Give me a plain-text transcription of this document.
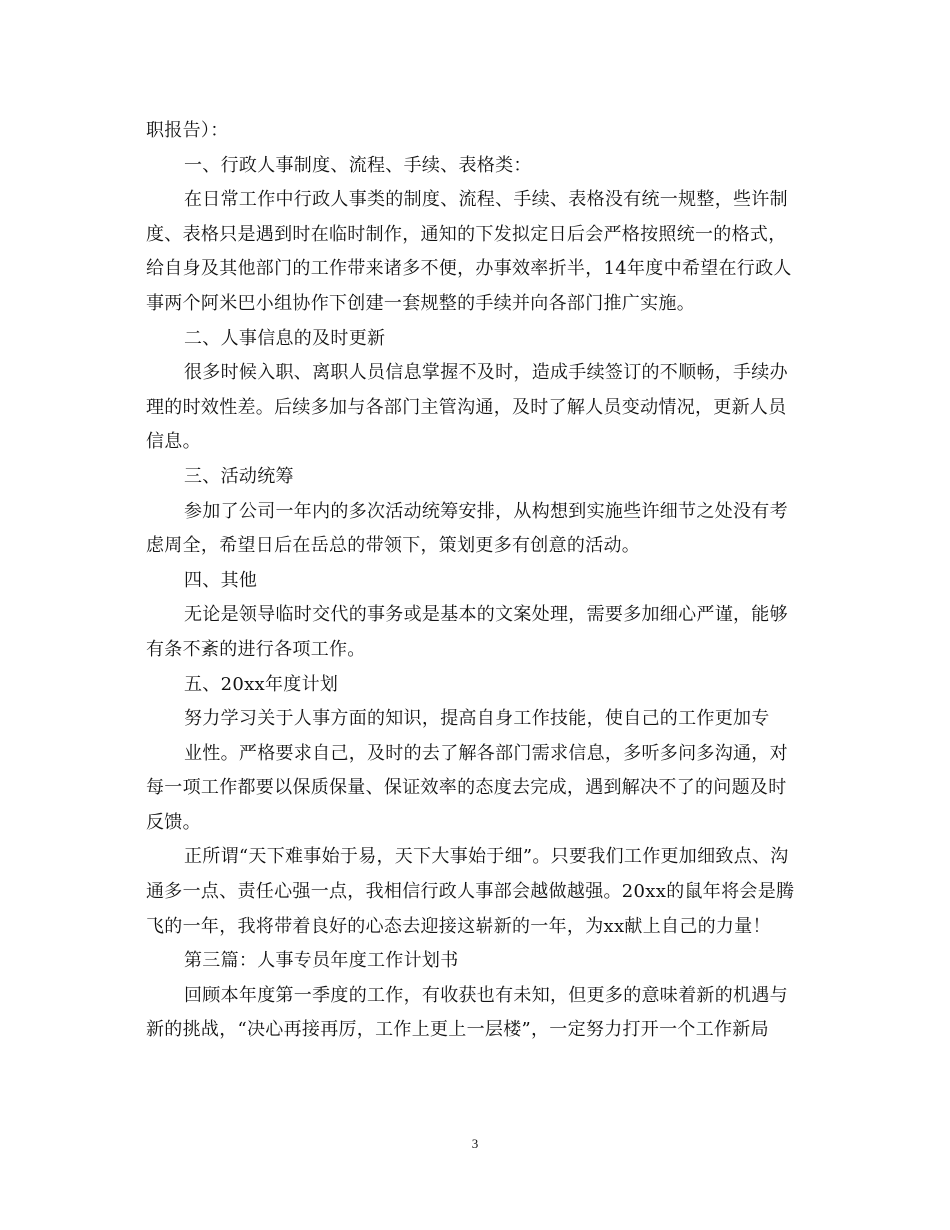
职报告）：
一、行政人事制度、流程、手续、表格类：
在日常工作中行政人事类的制度、流程、手续、表格没有统一规整，些许制
度、表格只是遇到时在临时制作，通知的下发拟定日后会严格按照统一的格式，
给自身及其他部门的工作带来诸多不便，办事效率折半，14年度中希望在行政人
事两个阿米巴小组协作下创建一套规整的手续并向各部门推广实施。
二、人事信息的及时更新
很多时候入职、离职人员信息掌握不及时，造成手续签订的不顺畅，手续办
理的时效性差。后续多加与各部门主管沟通，及时了解人员变动情况，更新人员
信息。
三、活动统筹
参加了公司一年内的多次活动统筹安排，从构想到实施些许细节之处没有考
虑周全，希望日后在岳总的带领下，策划更多有创意的活动。
四、其他
无论是领导临时交代的事务或是基本的文案处理，需要多加细心严谨，能够
有条不紊的进行各项工作。
五、20xx年度计划
努力学习关于人事方面的知识，提高自身工作技能，使自己的工作更加专
业性。严格要求自己，及时的去了解各部门需求信息，多听多问多沟通，对
每一项工作都要以保质保量、保证效率的态度去完成，遇到解决不了的问题及时
反馈。
正所谓“天下难事始于易，天下大事始于细”。只要我们工作更加细致点、沟
通多一点、责任心强一点，我相信行政人事部会越做越强。20xx的鼠年将会是腾
飞的一年，我将带着良好的心态去迎接这崭新的一年，为xx献上自己的力量！
第三篇：人事专员年度工作计划书
回顾本年度第一季度的工作，有收获也有未知，但更多的意味着新的机遇与
新的挑战，“决心再接再厉，工作上更上一层楼”，一定努力打开一个工作新局
3
